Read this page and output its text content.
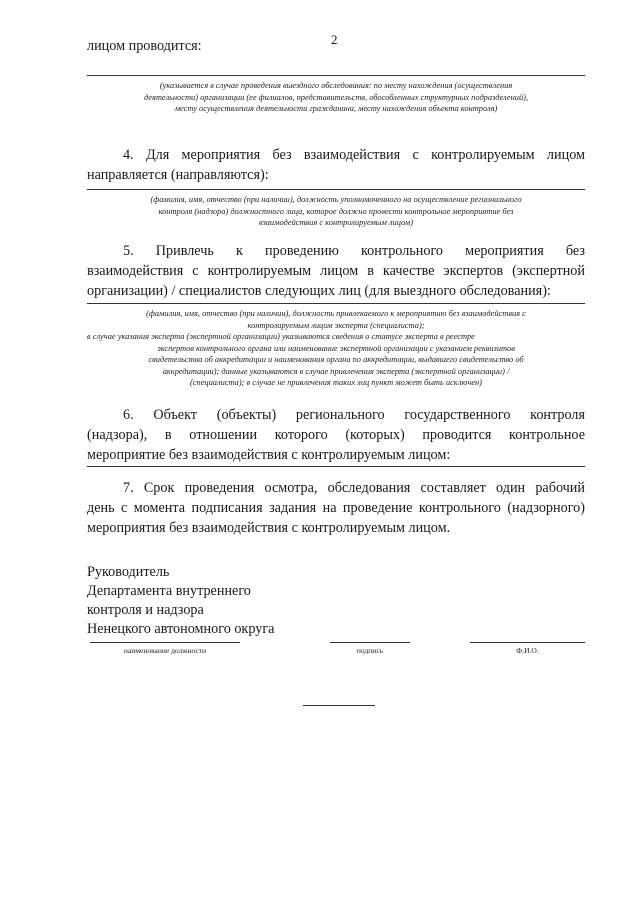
2
лицом проводится:
(указывается в случае проведения выездного обследования: по месту нахождения (осуществления
деятельности) организации (ее филиалов, представительств, обособленных структурных подразделений),
месту осуществления деятельности гражданина, месту нахождения объекта контроля)
4. Для мероприятия без взаимодействия с контролируемым лицом
направляется (направляются):
(фамилия, имя, отчество (при наличии), должность уполномоченного на осуществление регионального
контроля (надзора) должностного лица, которое должно провести контрольное мероприятие без
взаимодействия с контролируемым лицом)
5. Привлечь к проведению контрольного мероприятия без
взаимодействия с контролируемым лицом в качестве экспертов (экспертной
организации) / специалистов следующих лиц (для выездного обследования):
(фамилия, имя, отчество (при наличии), должность привлекаемого к мероприятию без взаимодействия с
контролируемым лицом эксперта (специалиста);
в случае указания эксперта (экспертной организации) указываются сведения о статусе эксперта в реестре
экспертов контрольного органа или наименование экспертной организации с указанием реквизитов
свидетельства об аккредитации и наименования органа по аккредитации, выдавшего свидетельство об
аккредитации); данные указываются в случае привлечения эксперта (экспертной организации) /
(специалиста); в случае не привлечения таких лиц пункт может быть исключен)
6. Объект (объекты) регионального государственного контроля
(надзора), в отношении которого (которых) проводится контрольное
мероприятие без взаимодействия с контролируемым лицом:
7. Срок проведения осмотра, обследования составляет один рабочий
день с момента подписания задания на проведение контрольного (надзорного)
мероприятия без взаимодействия с контролируемым лицом.
Руководитель
Департамента внутреннего
контроля и надзора
Ненецкого автономного округа
наименование должности	подпись	Ф.И.О.
